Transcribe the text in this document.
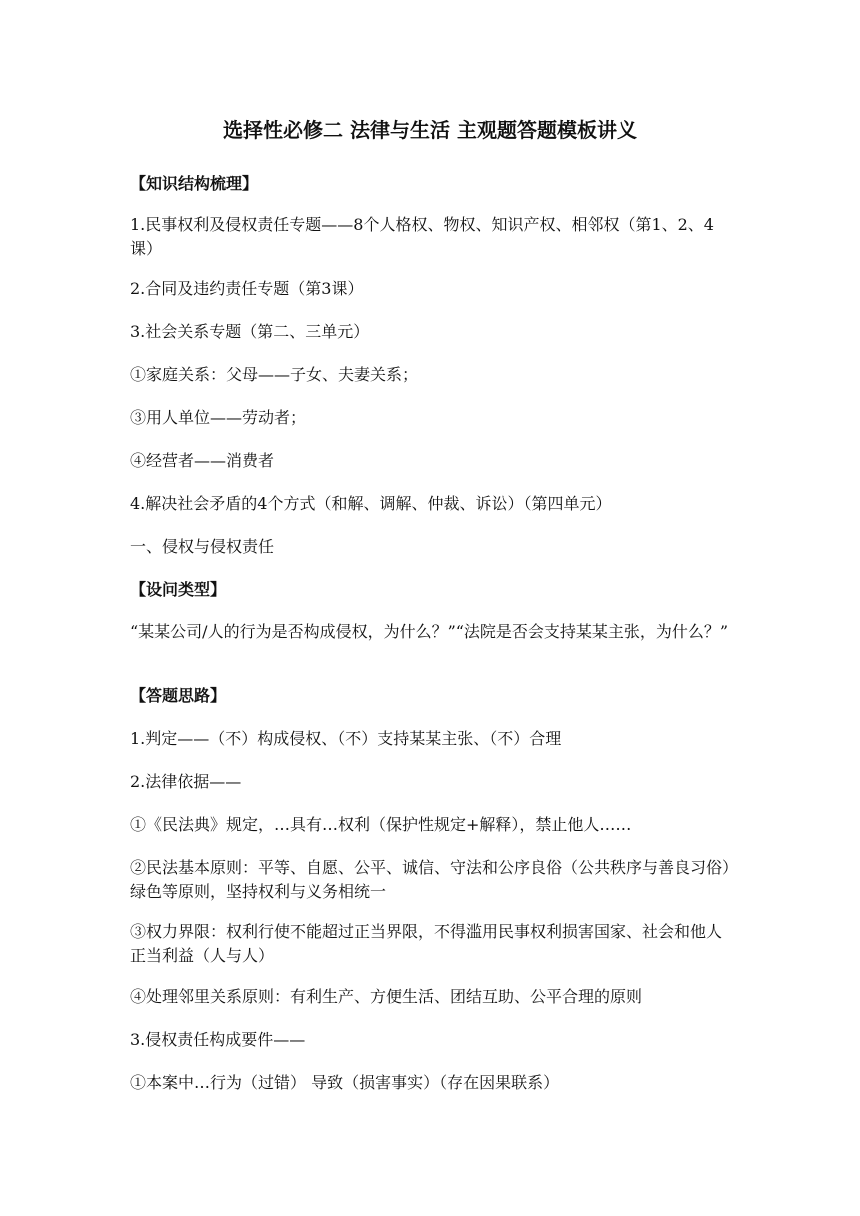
选择性必修二 法律与生活 主观题答题模板讲义
【知识结构梳理】
1.民事权利及侵权责任专题——8个人格权、物权、知识产权、相邻权（第1、2、4课）
2.合同及违约责任专题（第3课）
3.社会关系专题（第二、三单元）
①家庭关系：父母——子女、夫妻关系；
③用人单位——劳动者；
④经营者——消费者
4.解决社会矛盾的4个方式（和解、调解、仲裁、诉讼）（第四单元）
一、侵权与侵权责任
【设问类型】
“某某公司/人的行为是否构成侵权，为什么？”“法院是否会支持某某主张，为什么？”
【答题思路】
1.判定——（不）构成侵权、（不）支持某某主张、（不）合理
2.法律依据——
①《民法典》规定，…具有…权利（保护性规定+解释），禁止他人……
②民法基本原则：平等、自愿、公平、诚信、守法和公序良俗（公共秩序与善良习俗）绿色等原则，坚持权利与义务相统一
③权力界限：权利行使不能超过正当界限，不得滥用民事权利损害国家、社会和他人正当利益（人与人）
④处理邻里关系原则：有利生产、方便生活、团结互助、公平合理的原则
3.侵权责任构成要件——
①本案中…行为（过错） 导致（损害事实）（存在因果联系）
